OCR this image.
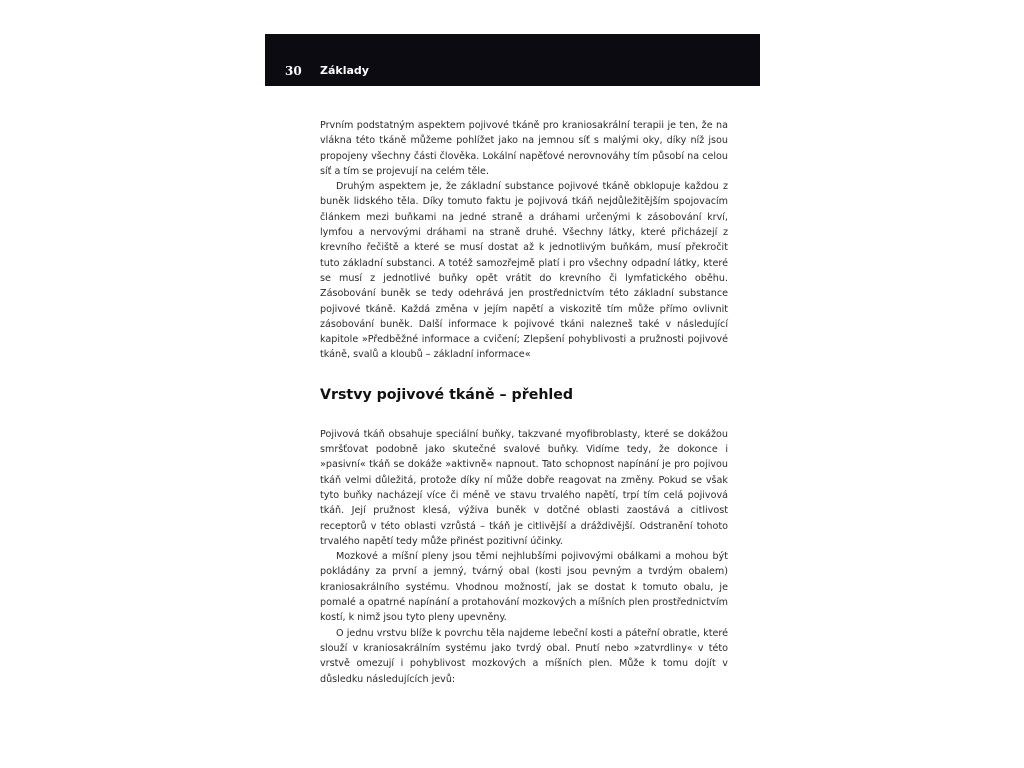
30 Základy

Prvním podstatným aspektem pojivové tkáně pro kraniosakrální terapii je ten, že na vlákna této tkáně můžeme pohlížet jako na jemnou síť s malými oky, díky níž jsou propojeny všechny části člověka. Lokální napěťové nerovnováhy tím působí na celou síť a tím se projevují na celém těle.

Druhým aspektem je, že základní substance pojivové tkáně obklopuje každou z buněk lidského těla. Díky tomuto faktu je pojivová tkáň nejdůležitějším spojovacím článkem mezi buňkami na jedné straně a dráhami určenými k zásobování krví, lymfou a nervovými dráhami na straně druhé. Všechny látky, které přicházejí z krevního řečiště a které se musí dostat až k jednotlivým buňkám, musí překročit tuto základní substanci. A totéž samozřejmě platí i pro všechny odpadní látky, které se musí z jednotlivé buňky opět vrátit do krevního či lymfatického oběhu. Zásobování buněk se tedy odehrává jen prostřednictvím této základní substance pojivové tkáně. Každá změna v jejím napětí a viskozitě tím může přímo ovlivnit zásobování buněk. Další informace k pojivové tkáni nalezneš také v následující kapitole »Předběžné informace a cvičení; Zlepšení pohyblivosti a pružnosti pojivové tkáně, svalů a kloubů – základní informace«

Vrstvy pojivové tkáně – přehled

Pojivová tkáň obsahuje speciální buňky, takzvané myofibroblasty, které se dokážou smršťovat podobně jako skutečné svalové buňky. Vidíme tedy, že dokonce i »pasivní« tkáň se dokáže »aktivně« napnout. Tato schopnost napínání je pro pojivou tkáň velmi důležitá, protože díky ní může dobře reagovat na změny. Pokud se však tyto buňky nacházejí více či méně ve stavu trvalého napětí, trpí tím celá pojivová tkáň. Její pružnost klesá, výživa buněk v dotčné oblasti zaostává a citlivost receptorů v této oblasti vzrůstá – tkáň je citlivější a dráždivější. Odstranění tohoto trvalého napětí tedy může přinést pozitivní účinky.

Mozkové a míšní pleny jsou těmi nejhlubšími pojivovými obálkami a mohou být pokládány za první a jemný, tvárný obal (kosti jsou pevným a tvrdým obalem) kraniosakrálního systému. Vhodnou možností, jak se dostat k tomuto obalu, je pomalé a opatrné napínání a protahování mozkových a míšních plen prostřednictvím kostí, k nimž jsou tyto pleny upevněny.

O jednu vrstvu blíže k povrchu těla najdeme lebeční kosti a páteřní obratle, které slouží v kraniosakrálním systému jako tvrdý obal. Pnutí nebo »zatvrdliny« v této vrstvě omezují i pohyblivost mozkových a míšních plen. Může k tomu dojít v důsledku následujících jevů:
